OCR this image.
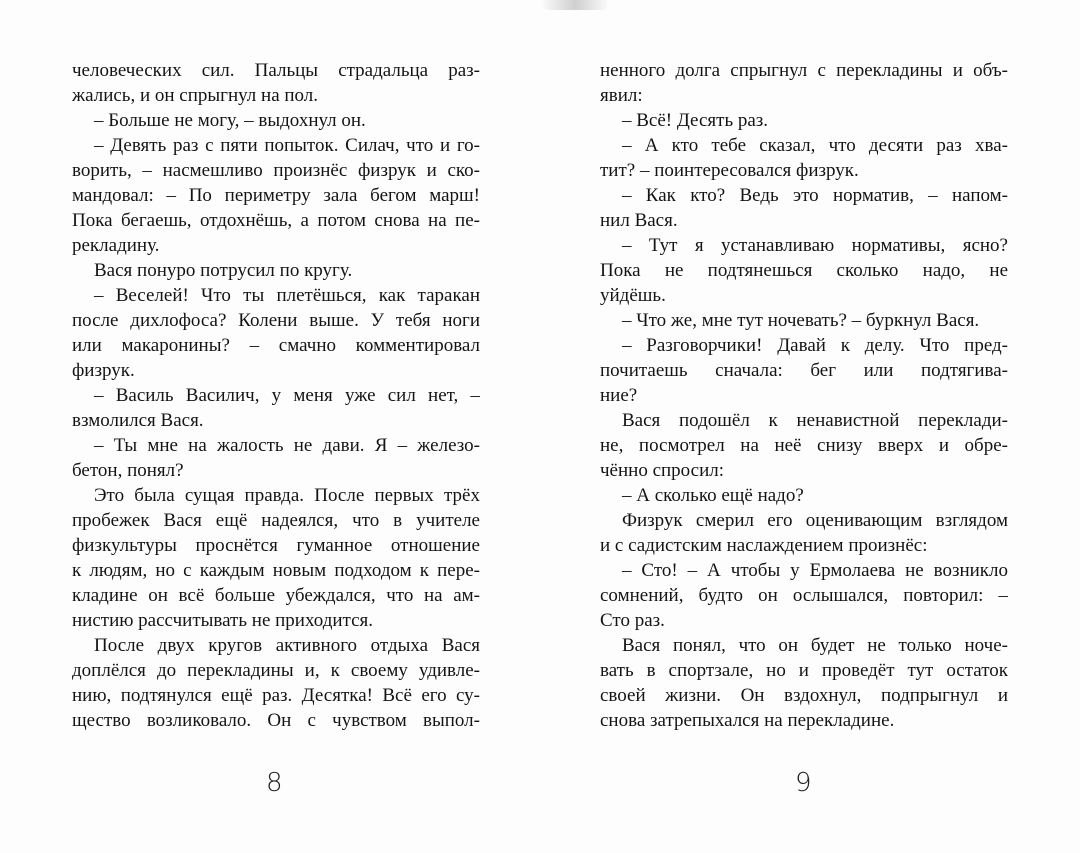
человеческих сил. Пальцы страдальца раз-
жались, и он спрыгнул на пол.
– Больше не могу, – выдохнул он.
– Девять раз с пяти попыток. Силач, что и го-
ворить, – насмешливо произнёс физрук и ско-
мандовал: – По периметру зала бегом марш!
Пока бегаешь, отдохнёшь, а потом снова на пе-
рекладину.
Вася понуро потрусил по кругу.
– Веселей! Что ты плетёшься, как таракан
после дихлофоса? Колени выше. У тебя ноги
или макаронины? – смачно комментировал
физрук.
– Василь Василич, у меня уже сил нет, –
взмолился Вася.
– Ты мне на жалость не дави. Я – железо-
бетон, понял?
Это была сущая правда. После первых трёх
пробежек Вася ещё надеялся, что в учителе
физкультуры проснётся гуманное отношение
к людям, но с каждым новым подходом к пере-
кладине он всё больше убеждался, что на ам-
нистию рассчитывать не приходится.
После двух кругов активного отдыха Вася
доплёлся до перекладины и, к своему удивле-
нию, подтянулся ещё раз. Десятка! Всё его су-
щество возликовало. Он с чувством выпол-
ненного долга спрыгнул с перекладины и объ-
явил:
– Всё! Десять раз.
– А кто тебе сказал, что десяти раз хва-
тит? – поинтересовался физрук.
– Как кто? Ведь это норматив, – напом-
нил Вася.
– Тут я устанавливаю нормативы, ясно?
Пока не подтянешься сколько надо, не
уйдёшь.
– Что же, мне тут ночевать? – буркнул Вася.
– Разговорчики! Давай к делу. Что пред-
почитаешь сначала: бег или подтягива-
ние?
Вася подошёл к ненавистной переклади-
не, посмотрел на неё снизу вверх и обре-
чённо спросил:
– А сколько ещё надо?
Физрук смерил его оценивающим взглядом
и с садистским наслаждением произнёс:
– Сто! – А чтобы у Ермолаева не возникло
сомнений, будто он ослышался, повторил: –
Сто раз.
Вася понял, что он будет не только ноче-
вать в спортзале, но и проведёт тут остаток
своей жизни. Он вздохнул, подпрыгнул и
снова затрепыхался на перекладине.
8	9
